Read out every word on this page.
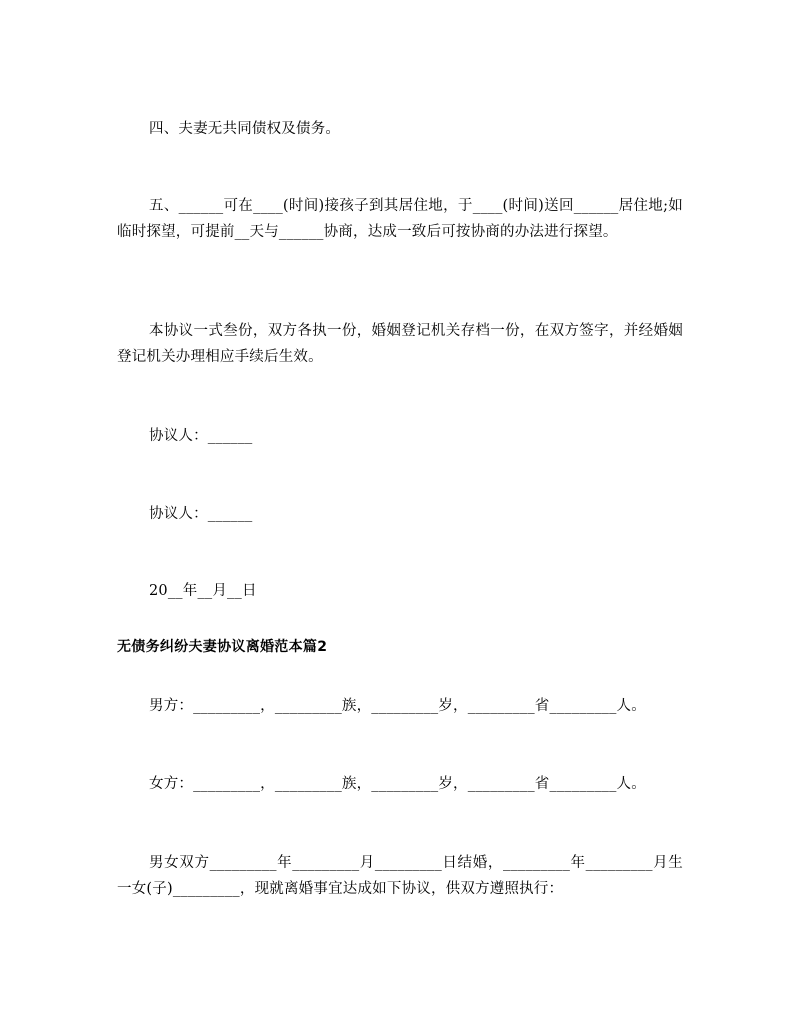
四、夫妻无共同债权及债务。

五、______可在____(时间)接孩子到其居住地，于____(时间)送回______居住地;如临时探望，可提前__天与______协商，达成一致后可按协商的办法进行探望。

本协议一式叁份，双方各执一份，婚姻登记机关存档一份，在双方签字，并经婚姻登记机关办理相应手续后生效。

协议人：______

协议人：______

20__年__月__日

无债务纠纷夫妻协议离婚范本篇2

男方：_________，_________族，_________岁，_________省_________人。

女方：_________，_________族，_________岁，_________省_________人。

男女双方_________年_________月_________日结婚，_________年_________月生一女(子)_________，现就离婚事宜达成如下协议，供双方遵照执行：
